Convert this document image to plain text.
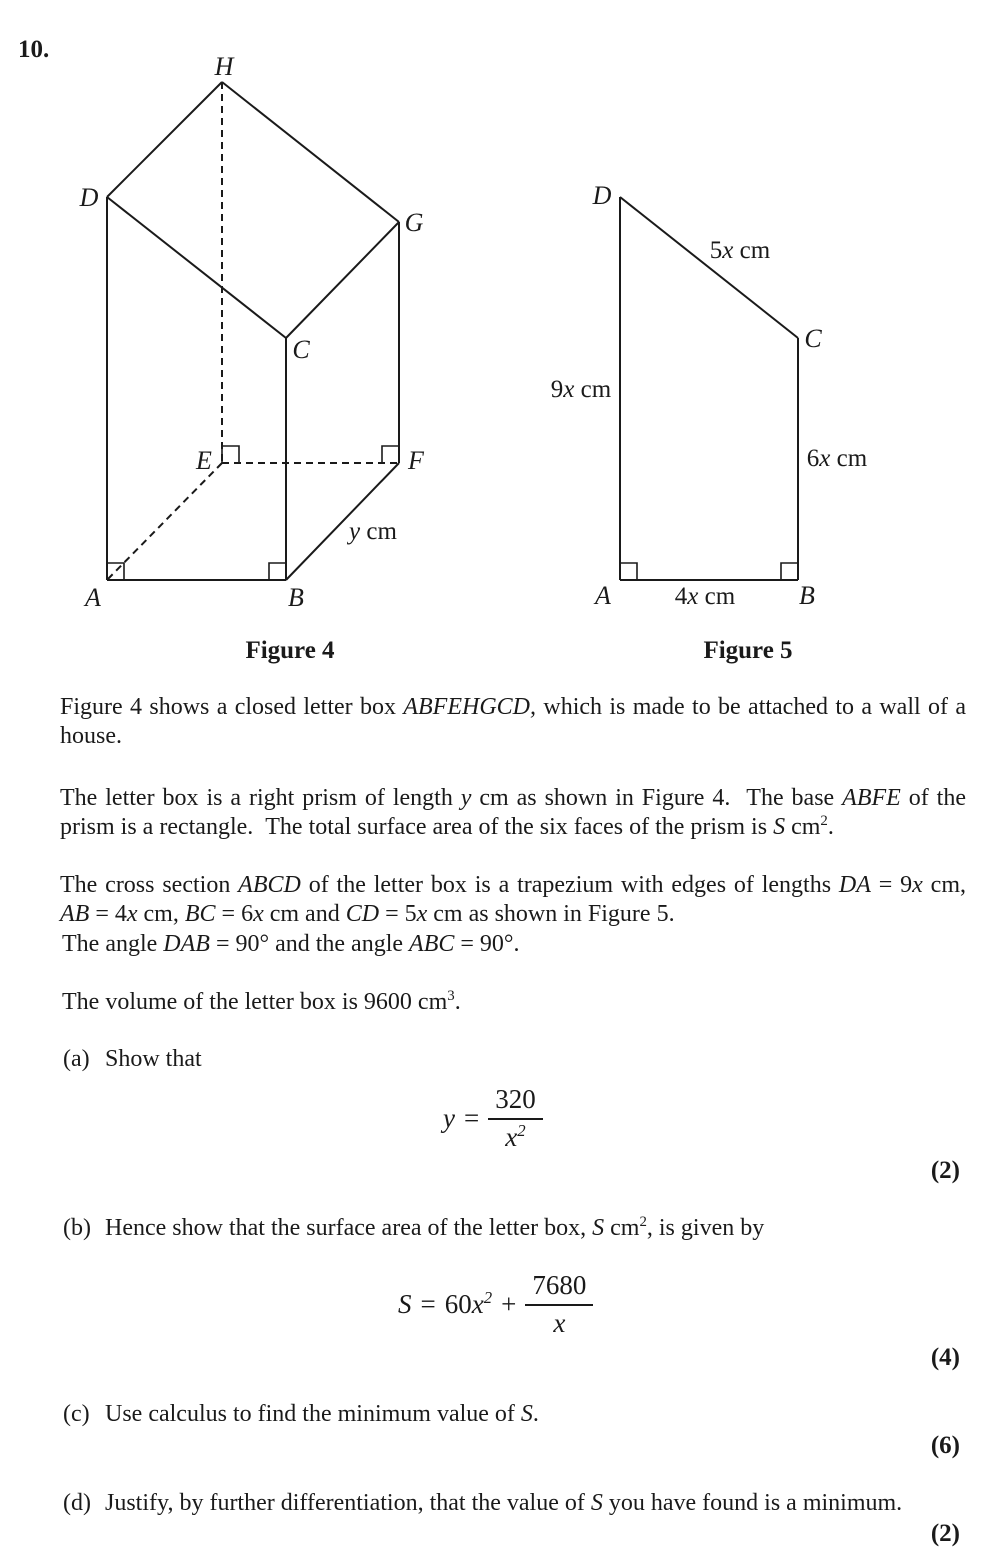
10.
H
D
G
C
E	F
A	B
y cm
D
C
A	B
5x cm
9x cm
6x cm
4x cm
Figure 4	Figure 5
Figure 4 shows a closed letter box ABFEHGCD, which is made to be attached to a wall of a house.
The letter box is a right prism of length y cm as shown in Figure 4.  The base ABFE of the prism is a rectangle.  The total surface area of the six faces of the prism is S $cm^2$.
The cross section ABCD of the letter box is a trapezium with edges of lengths DA = 9x cm, AB = 4x cm, BC = 6x cm and CD = 5x cm as shown in Figure 5.
The angle DAB = 90° and the angle ABC = 90°.
The volume of the letter box is 9600 $cm^3$.
(a) Show that
$y = \frac{320}{x^2}$
(2)
(b) Hence show that the surface area of the letter box, S $cm^2$, is given by
$S = 60x^2 + \frac{7680}{x}$
(4)
(c) Use calculus to find the minimum value of S.
(6)
(d) Justify, by further differentiation, that the value of S you have found is a minimum.
(2)
